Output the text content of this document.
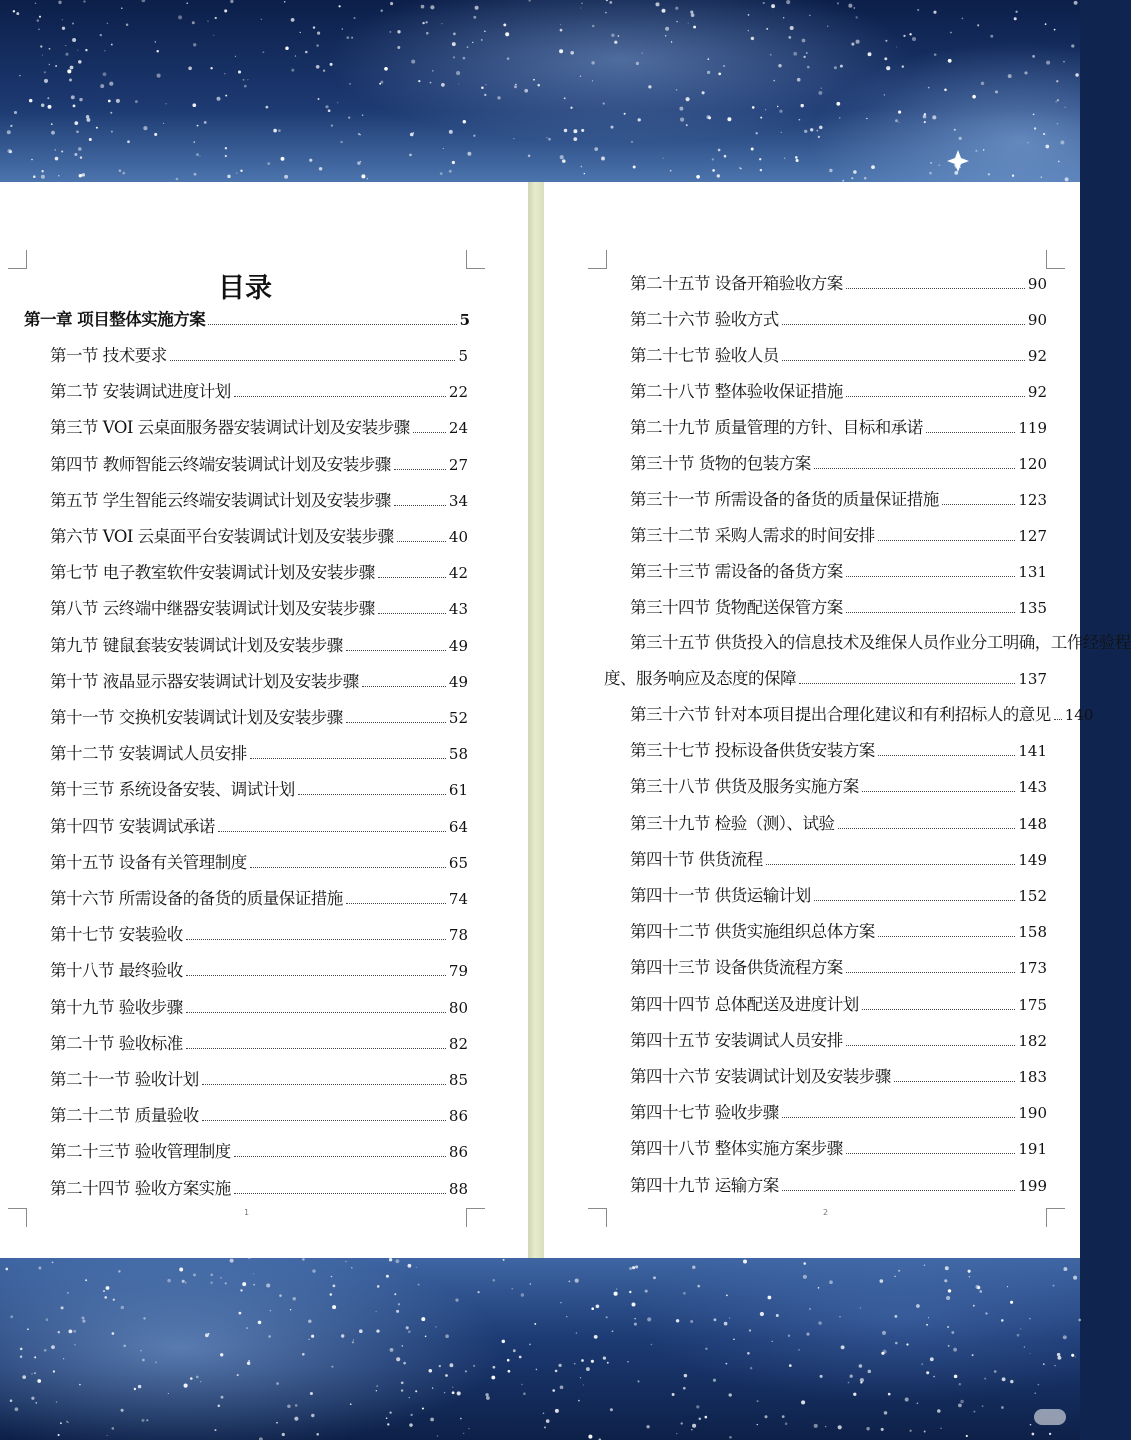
目录
第一章 项目整体实施方案	5
第一节 技术要求	5
第二节 安装调试进度计划	22
第三节 VOI 云桌面服务器安装调试计划及安装步骤	24
第四节 教师智能云终端安装调试计划及安装步骤	27
第五节 学生智能云终端安装调试计划及安装步骤	34
第六节 VOI 云桌面平台安装调试计划及安装步骤	40
第七节 电子教室软件安装调试计划及安装步骤	42
第八节 云终端中继器安装调试计划及安装步骤	43
第九节 键鼠套装安装调试计划及安装步骤	49
第十节 液晶显示器安装调试计划及安装步骤	49
第十一节 交换机安装调试计划及安装步骤	52
第十二节 安装调试人员安排	58
第十三节 系统设备安装、调试计划	61
第十四节 安装调试承诺	64
第十五节 设备有关管理制度	65
第十六节 所需设备的备货的质量保证措施	74
第十七节 安装验收	78
第十八节 最终验收	79
第十九节 验收步骤	80
第二十节 验收标准	82
第二十一节 验收计划	85
第二十二节 质量验收	86
第二十三节 验收管理制度	86
第二十四节 验收方案实施	88
1
第二十五节 设备开箱验收方案	90
第二十六节 验收方式	90
第二十七节 验收人员	92
第二十八节 整体验收保证措施	92
第二十九节 质量管理的方针、目标和承诺	119
第三十节 货物的包装方案	120
第三十一节 所需设备的备货的质量保证措施	123
第三十二节 采购人需求的时间安排	127
第三十三节 需设备的备货方案	131
第三十四节 货物配送保管方案	135
第三十五节 供货投入的信息技术及维保人员作业分工明确，工作经验程
度、服务响应及态度的保障	137
第三十六节 针对本项目提出合理化建议和有利招标人的意见 140
第三十七节 投标设备供货安装方案	141
第三十八节 供货及服务实施方案	143
第三十九节 检验（测）、试验	148
第四十节 供货流程	149
第四十一节 供货运输计划	152
第四十二节 供货实施组织总体方案	158
第四十三节 设备供货流程方案	173
第四十四节 总体配送及进度计划	175
第四十五节 安装调试人员安排	182
第四十六节 安装调试计划及安装步骤	183
第四十七节 验收步骤	190
第四十八节 整体实施方案步骤	191
第四十九节 运输方案	199
2
